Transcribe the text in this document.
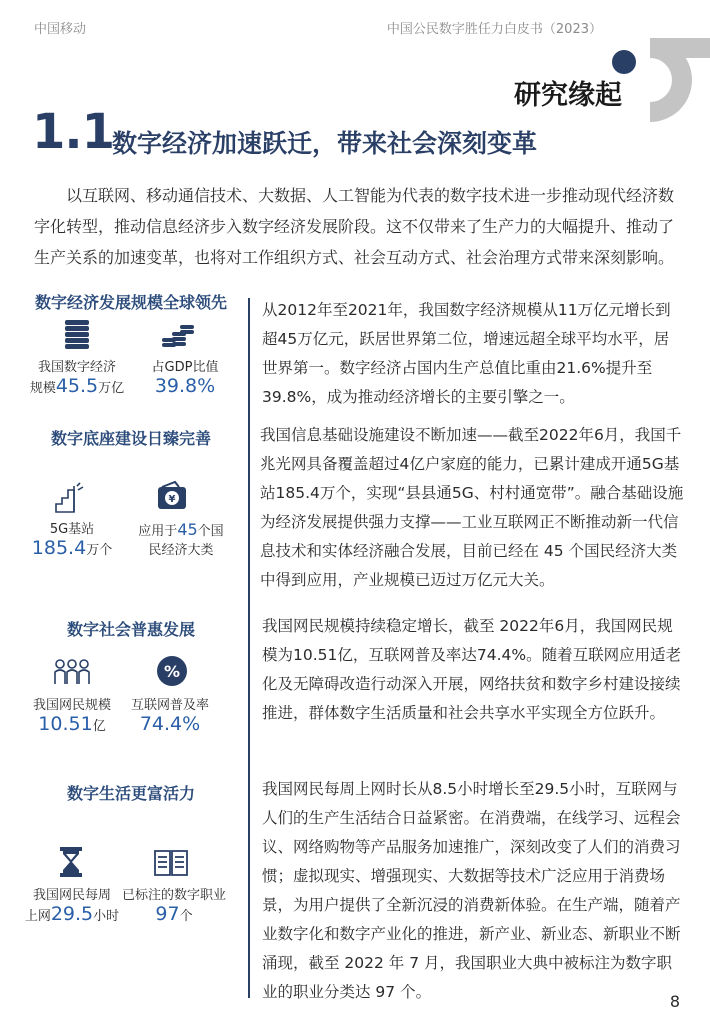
中国移动	中国公民数字胜任力白皮书（2023）
研究缘起
1.1
数字经济加速跃迁，带来社会深刻变革

以互联网、移动通信技术、大数据、人工智能为代表的数字技术进一步推动现代经济数字化转型，推动信息经济步入数字经济发展阶段。这不仅带来了生产力的大幅提升、推动了生产关系的加速变革，也将对工作组织方式、社会互动方式、社会治理方式带来深刻影响。

数字经济发展规模全球领先
我国数字经济
规模45.5万亿
占GDP比值
39.8%

从2012年至2021年，我国数字经济规模从11万亿元增长到超45万亿元，跃居世界第二位，增速远超全球平均水平，居世界第一。数字经济占国内生产总值比重由21.6%提升至39.8%，成为推动经济增长的主要引擎之一。

数字底座建设日臻完善
¥
5G基站
185.4万个
应用于45个国
民经济大类

我国信息基础设施建设不断加速——截至2022年6月，我国千兆光网具备覆盖超过4亿户家庭的能力，已累计建成开通5G基站185.4万个，实现“县县通5G、村村通宽带”。融合基础设施为经济发展提供强力支撑——工业互联网正不断推动新一代信息技术和实体经济融合发展，目前已经在 45 个国民经济大类中得到应用，产业规模已迈过万亿元大关。

数字社会普惠发展
%
我国网民规模
10.51亿
互联网普及率
74.4%

我国网民规模持续稳定增长，截至 2022年6月，我国网民规模为10.51亿，互联网普及率达74.4%。随着互联网应用适老化及无障碍改造行动深入开展，网络扶贫和数字乡村建设接续推进，群体数字生活质量和社会共享水平实现全方位跃升。

数字生活更富活力
我国网民每周
上网29.5小时
已标注的数字职业
97个

我国网民每周上网时长从8.5小时增长至29.5小时，互联网与人们的生产生活结合日益紧密。在消费端，在线学习、远程会议、网络购物等产品服务加速推广，深刻改变了人们的消费习惯；虚拟现实、增强现实、大数据等技术广泛应用于消费场景，为用户提供了全新沉浸的消费新体验。在生产端，随着产业数字化和数字产业化的推进，新产业、新业态、新职业不断涌现，截至 2022 年 7 月，我国职业大典中被标注为数字职业的职业分类达 97 个。	8
